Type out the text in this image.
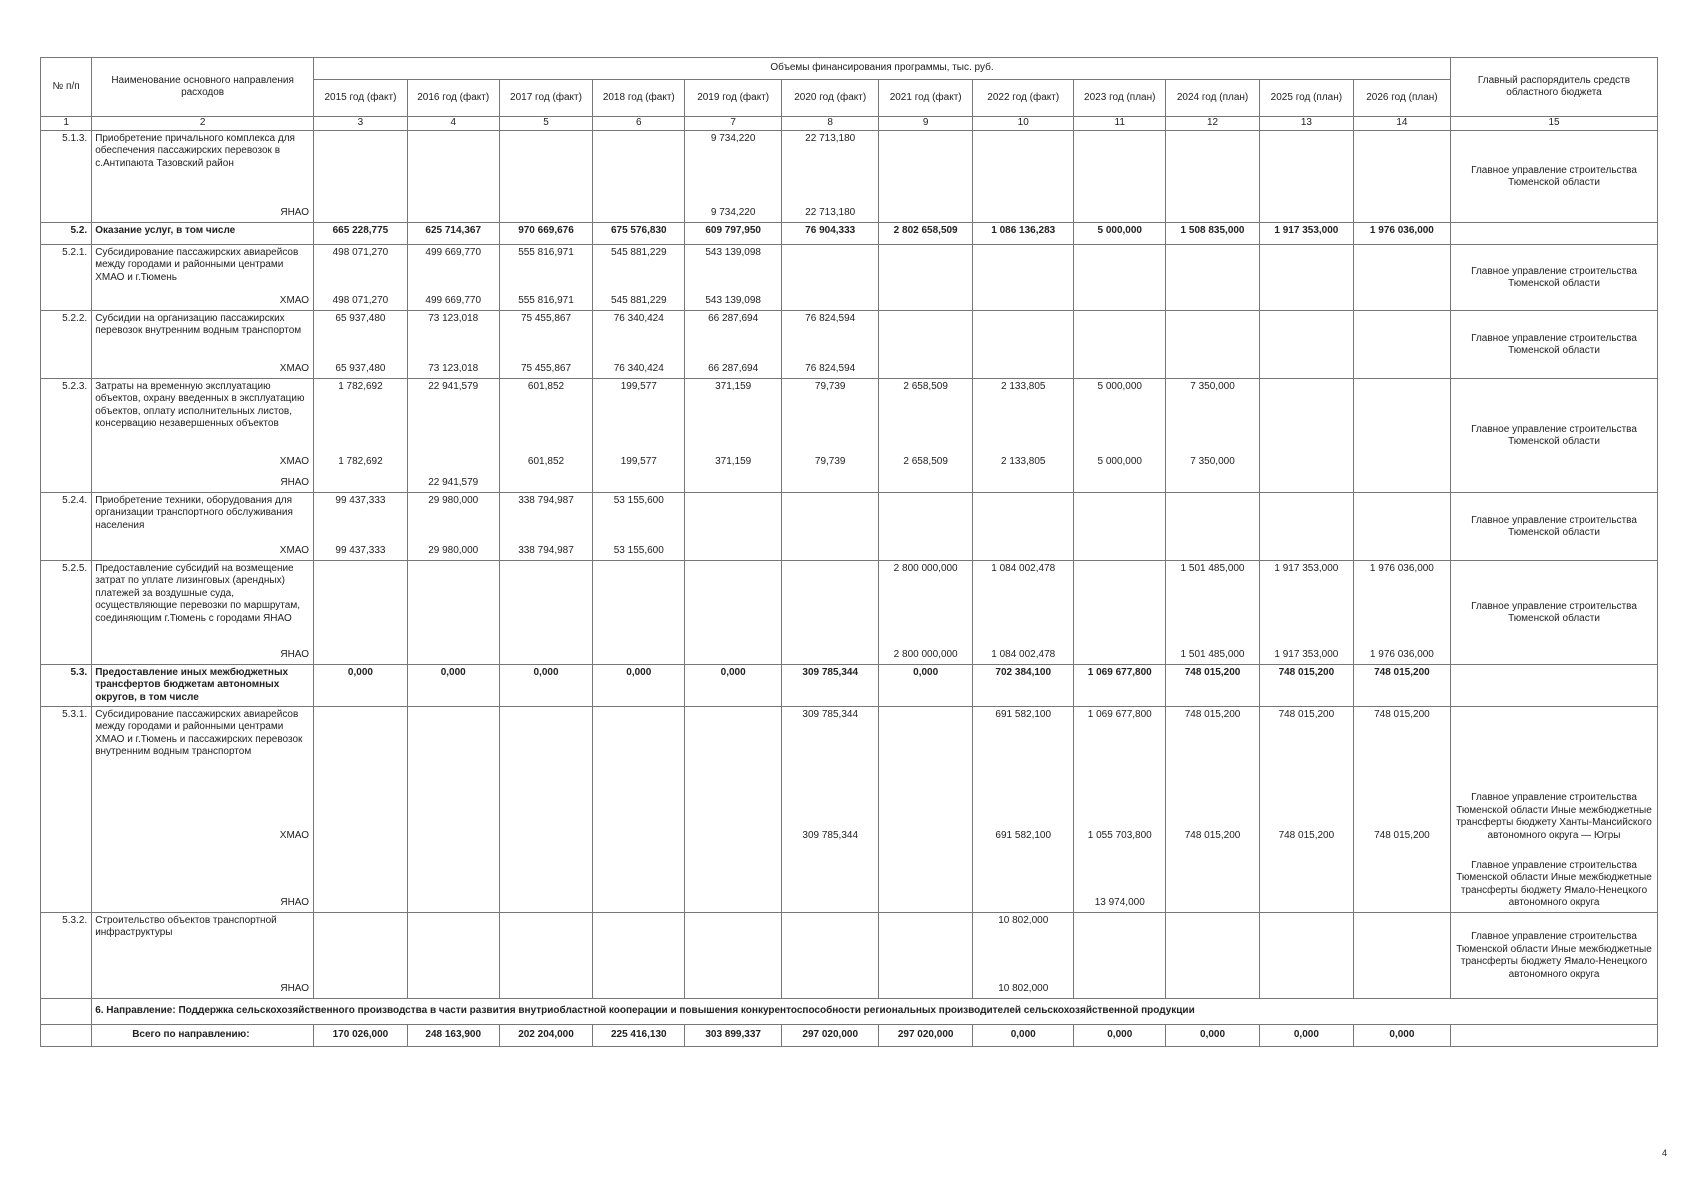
№ п/п	Наименование основного направления расходов	Объемы финансирования программы, тыс. руб.												Главный распорядитель средств областного бюджета
		2015 год (факт)	2016 год (факт)	2017 год (факт)	2018 год (факт)	2019 год (факт)	2020 год (факт)	2021 год (факт)	2022 год (факт)	2023 год (план)	2024 год (план)	2025 год (план)	2026 год (план)	
1	2	3	4	5	6	7	8	9	10	11	12	13	14	15
5.1.3.	Приобретение причального комплекса для обеспечения пассажирских перевозок в с.Антипаюта Тазовский район					9 734,220	22 713,180							Главное управление строительства Тюменской области
	ЯНАО					9 734,220	22 713,180							
5.2.	Оказание услуг, в том числе	665 228,775	625 714,367	970 669,676	675 576,830	609 797,950	76 904,333	2 802 658,509	1 086 136,283	5 000,000	1 508 835,000	1 917 353,000	1 976 036,000	
5.2.1.	Субсидирование пассажирских авиарейсов между городами и районными центрами ХМАО и г.Тюмень	498 071,270	499 669,770	555 816,971	545 881,229	543 139,098								Главное управление строительства Тюменской области
	ХМАО	498 071,270	499 669,770	555 816,971	545 881,229	543 139,098								
5.2.2.	Субсидии на организацию пассажирских перевозок внутренним водным транспортом	65 937,480	73 123,018	75 455,867	76 340,424	66 287,694	76 824,594							Главное управление строительства Тюменской области
	ХМАО	65 937,480	73 123,018	75 455,867	76 340,424	66 287,694	76 824,594							
5.2.3.	Затраты на временную эксплуатацию объектов, охрану введенных в эксплуатацию объектов, оплату исполнительных листов, консервацию незавершенных объектов	1 782,692	22 941,579	601,852	199,577	371,159	79,739	2 658,509	2 133,805	5 000,000	7 350,000			Главное управление строительства Тюменской области
	ХМАО	1 782,692		601,852	199,577	371,159	79,739	2 658,509	2 133,805	5 000,000	7 350,000			
	ЯНАО		22 941,579											
5.2.4.	Приобретение техники, оборудования для организации транспортного обслуживания населения	99 437,333	29 980,000	338 794,987	53 155,600									Главное управление строительства Тюменской области
	ХМАО	99 437,333	29 980,000	338 794,987	53 155,600									
5.2.5.	Предоставление субсидий на возмещение затрат по уплате лизинговых (арендных) платежей за воздушные суда, осуществляющие перевозки по маршрутам, соединяющим г.Тюмень с городами ЯНАО							2 800 000,000	1 084 002,478		1 501 485,000	1 917 353,000	1 976 036,000	Главное управление строительства Тюменской области
	ЯНАО							2 800 000,000	1 084 002,478		1 501 485,000	1 917 353,000	1 976 036,000	
5.3.	Предоставление иных межбюджетных трансфертов бюджетам автономных округов, в том числе	0,000	0,000	0,000	0,000	0,000	309 785,344	0,000	702 384,100	1 069 677,800	748 015,200	748 015,200	748 015,200	
5.3.1.	Субсидирование пассажирских авиарейсов между городами и районными центрами ХМАО и г.Тюмень и пассажирских перевозок внутренним водным транспортом						309 785,344		691 582,100	1 069 677,800	748 015,200	748 015,200	748 015,200	
	ХМАО						309 785,344		691 582,100	1 055 703,800	748 015,200	748 015,200	748 015,200	Главное управление строительства Тюменской области Иные межбюджетные трансферты бюджету Ханты-Мансийского автономного округа — Югры
	ЯНАО									13 974,000				Главное управление строительства Тюменской области Иные межбюджетные трансферты бюджету Ямало-Ненецкого автономного округа
5.3.2.	Строительство объектов транспортной инфраструктуры								10 802,000					Главное управление строительства Тюменской области Иные межбюджетные трансферты бюджету Ямало-Ненецкого автономного округа
	ЯНАО								10 802,000					
	6. Направление: Поддержка сельскохозяйственного производства в части развития внутриобластной кооперации и повышения конкурентоспособности региональных производителей сельскохозяйственной продукции													
	Всего по направлению:	170 026,000	248 163,900	202 204,000	225 416,130	303 899,337	297 020,000	297 020,000	0,000	0,000	0,000	0,000	0,000	
4
